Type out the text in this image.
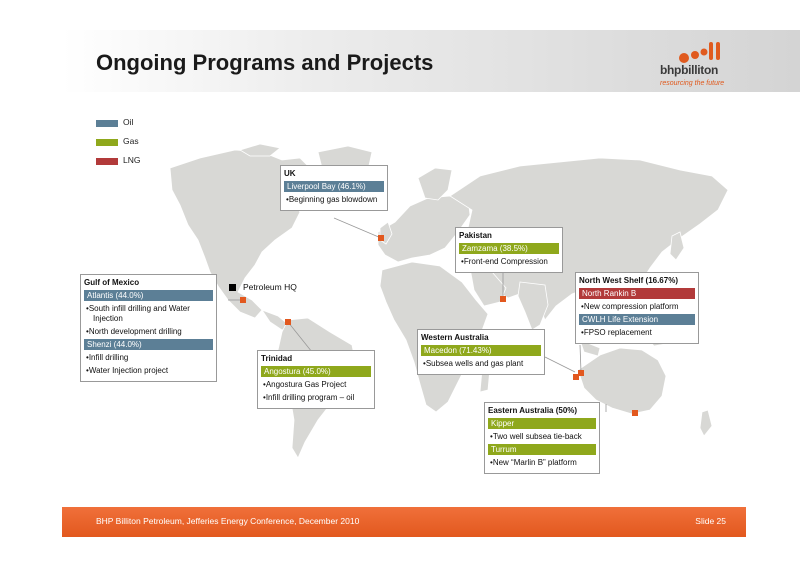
Ongoing Programs and Projects	bhpbilliton
resourcing the future
Oil
Gas
LNG
Petroleum HQ
UK
Liverpool Bay (46.1%)
• Beginning gas blowdown
Pakistan
Zamzama (38.5%)
• Front-end Compression
Gulf of Mexico
Atlantis (44.0%)
• South infill drilling and Water Injection
• North development drilling
Shenzi (44.0%)
• Infill drilling
• Water Injection project
Trinidad
Angostura (45.0%)
• Angostura Gas Project
• Infill drilling program – oil
North West Shelf (16.67%)
North Rankin B
• New compression platform
CWLH Life Extension
• FPSO replacement
Western Australia
Macedon (71.43%)
• Subsea wells and gas plant
Eastern Australia (50%)
Kipper
• Two well subsea tie-back
Turrum
• New “Marlin B” platform
BHP Billiton Petroleum, Jefferies Energy Conference, December 2010	Slide 25
